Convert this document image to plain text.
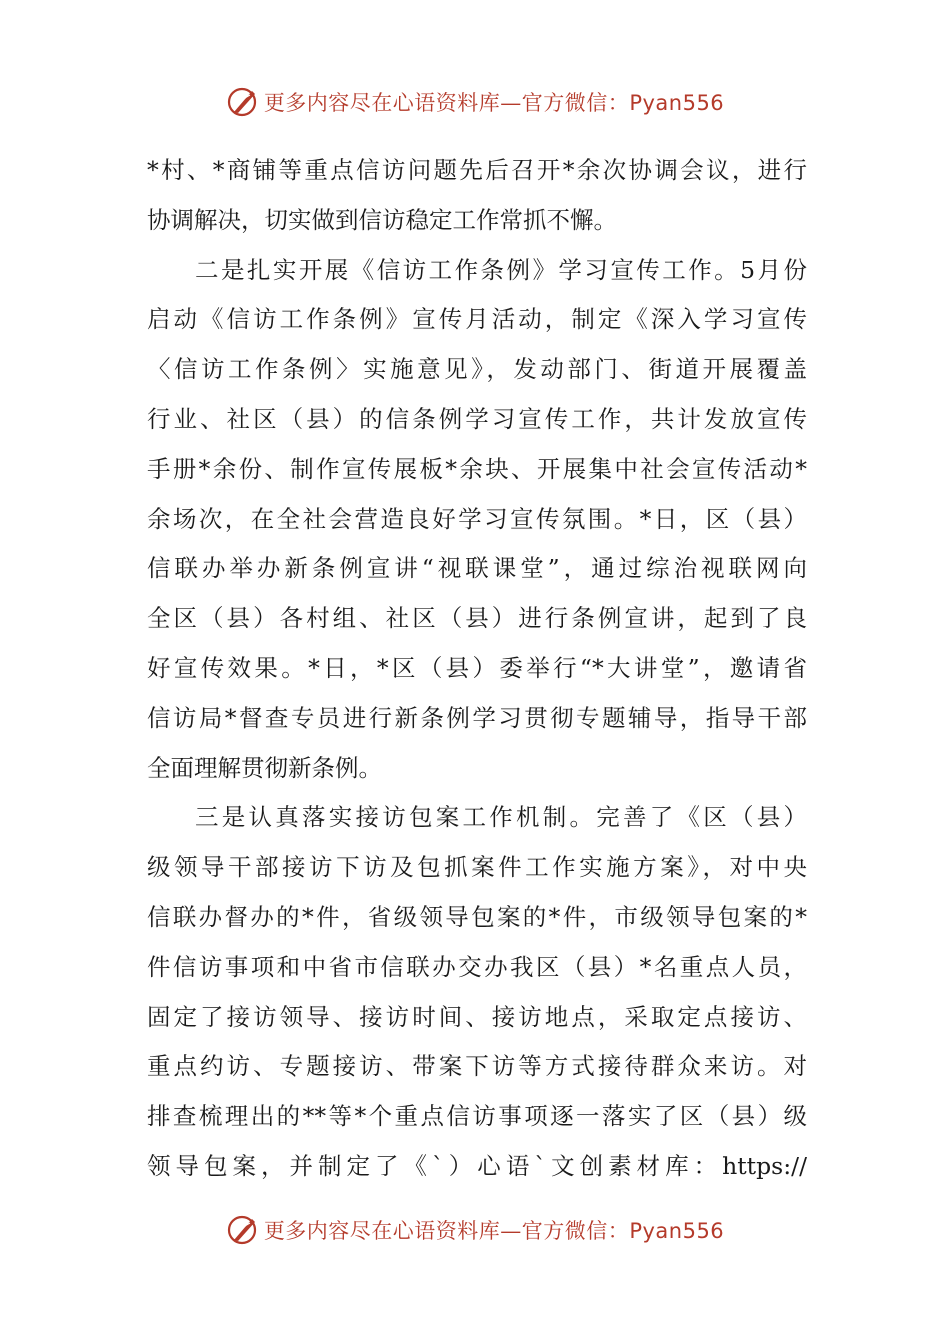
更多内容尽在心语资料库—官方微信：Pyan556
*村、*商铺等重点信访问题先后召开*余次协调会议，进行
协调解决，切实做到信访稳定工作常抓不懈。
二是扎实开展《信访工作条例》学习宣传工作。5月份
启动《信访工作条例》宣传月活动，制定《深入学习宣传
〈信访工作条例〉实施意见》，发动部门、街道开展覆盖
行业、社区（县）的信条例学习宣传工作，共计发放宣传
手册*余份、制作宣传展板*余块、开展集中社会宣传活动*
余场次，在全社会营造良好学习宣传氛围。*日，区（县）
信联办举办新条例宣讲“视联课堂”，通过综治视联网向
全区（县）各村组、社区（县）进行条例宣讲，起到了良
好宣传效果。*日，*区（县）委举行“*大讲堂”，邀请省
信访局*督查专员进行新条例学习贯彻专题辅导，指导干部
全面理解贯彻新条例。
三是认真落实接访包案工作机制。完善了《区（县）
级领导干部接访下访及包抓案件工作实施方案》，对中央
信联办督办的*件，省级领导包案的*件，市级领导包案的*
件信访事项和中省市信联办交办我区（县）*名重点人员，
固定了接访领导、接访时间、接访地点，采取定点接访、
重点约访、专题接访、带案下访等方式接待群众来访。对
排查梳理出的**等*个重点信访事项逐一落实了区（县）级
领导包案，并制定了《`）心语`文创素材库：https://
更多内容尽在心语资料库—官方微信：Pyan556
